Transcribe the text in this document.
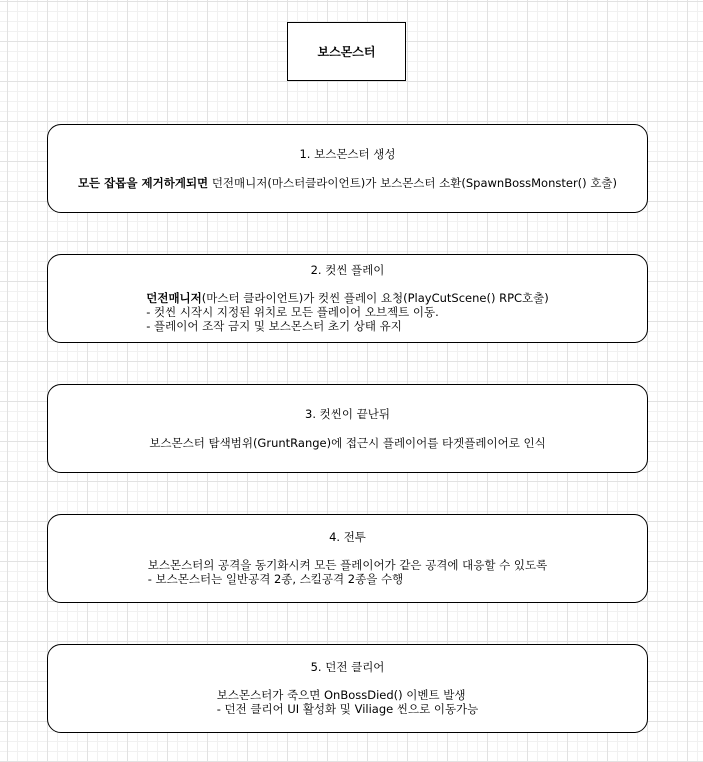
보스몬스터
1. 보스몬스터 생성
모든 잡몹을 제거하게되면 던전매니저(마스터클라이언트)가 보스몬스터 소환(SpawnBossMonster() 호출)
2. 컷씬 플레이
던전매니저(마스터 클라이언트)가 컷씬 플레이 요청(PlayCutScene() RPC호출)
- 컷씬 시작시 지정된 위치로 모든 플레이어 오브젝트 이동.
- 플레이어 조작 금지 및 보스몬스터 초기 상태 유지
3. 컷씬이 끝난뒤
보스몬스터 탐색범위(GruntRange)에 접근시 플레이어를 타겟플레이어로 인식
4. 전투
보스몬스터의 공격을 동기화시켜 모든 플레이어가 같은 공격에 대응할 수 있도록
- 보스몬스터는 일반공격 2종, 스킬공격 2종을 수행
5. 던전 클리어
보스몬스터가 죽으면 OnBossDied() 이벤트 발생
- 던전 클리어 UI 활성화 및 Viliage 씬으로 이동가능
